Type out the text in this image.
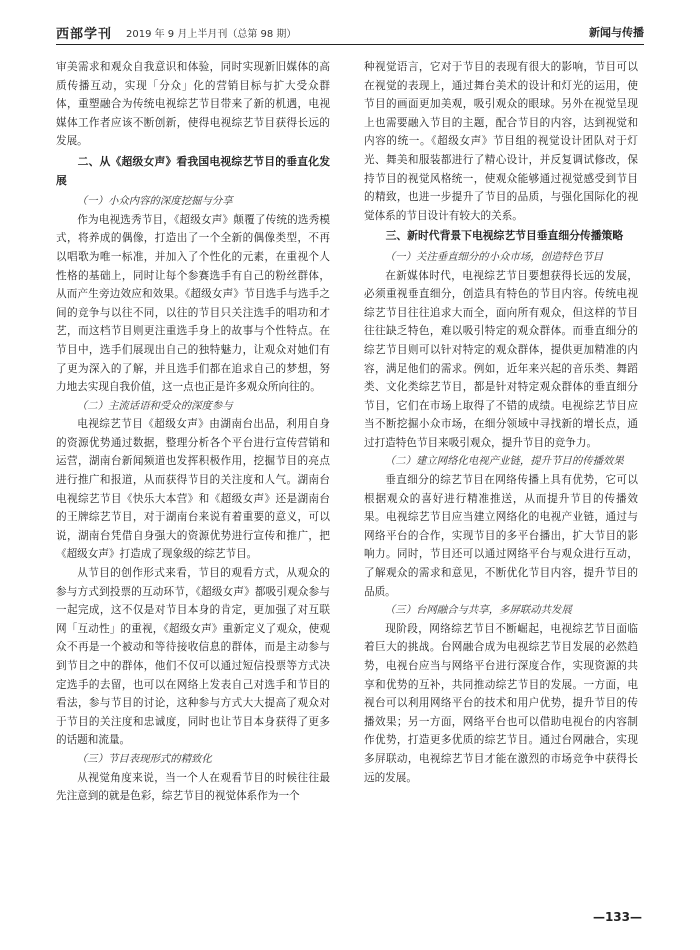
西部学刊 2019 年 9 月上半月刊（总第 98 期）	新闻与传播

审美需求和观众自我意识和体验，同时实现新旧媒体的高质传播互动，实现「分众」化的营销目标与扩大受众群体，重塑融合为传统电视综艺节目带来了新的机遇，电视媒体工作者应该不断创新，使得电视综艺节目获得长远的发展。

二、从《超级女声》看我国电视综艺节目的垂直化发展
（一）小众内容的深度挖掘与分享

作为电视选秀节目，《超级女声》颠覆了传统的选秀模式，将养成的偶像，打造出了一个全新的偶像类型，不再以唱歌为唯一标准，并加入了个性化的元素，在重视个人性格的基础上，同时让每个参赛选手有自己的粉丝群体，从而产生旁边效应和效果。《超级女声》节目选手与选手之间的竞争与以往不同，以往的节目只关注选手的唱功和才艺，而这档节目则更注重选手身上的故事与个性特点。在节目中，选手们展现出自己的独特魅力，让观众对她们有了更为深入的了解，并且选手们都在追求自己的梦想，努力地去实现自我价值，这一点也正是许多观众所向往的。

（二）主流话语和受众的深度参与

电视综艺节目《超级女声》由湖南台出品，利用自身的资源优势通过数据，整理分析各个平台进行宣传营销和运营，湖南台新闻频道也发挥积极作用，挖掘节目的亮点进行推广和报道，从而获得节目的关注度和人气。湖南台电视综艺节目《快乐大本营》和《超级女声》还是湖南台的王牌综艺节目，对于湖南台来说有着重要的意义，可以说，湖南台凭借自身强大的资源优势进行宣传和推广，把《超级女声》打造成了现象级的综艺节目。

从节目的创作形式来看，节目的观看方式，从观众的参与方式到投票的互动环节，《超级女声》都吸引观众参与一起完成，这不仅是对节目本身的肯定，更加强了对互联网「互动性」的重视，《超级女声》重新定义了观众，使观众不再是一个被动和等待接收信息的群体，而是主动参与到节目之中的群体，他们不仅可以通过短信投票等方式决定选手的去留，也可以在网络上发表自己对选手和节目的看法，参与节目的讨论，这种参与方式大大提高了观众对于节目的关注度和忠诚度，同时也让节目本身获得了更多的话题和流量。

（三）节目表现形式的精致化

从视觉角度来说，当一个人在观看节目的时候往往最先注意到的就是色彩，综艺节目的视觉体系作为一个

种视觉语言，它对于节目的表现有很大的影响，节目可以在视觉的表现上，通过舞台美术的设计和灯光的运用，使节目的画面更加美观，吸引观众的眼球。另外在视觉呈现上也需要融入节目的主题，配合节目的内容，达到视觉和内容的统一。《超级女声》节目组的视觉设计团队对于灯光、舞美和服装都进行了精心设计，并反复调试修改，保持节目的视觉风格统一，使观众能够通过视觉感受到节目的精致，也进一步提升了节目的品质，与强化国际化的视觉体系的节目设计有较大的关系。

三、新时代背景下电视综艺节目垂直细分传播策略
（一）关注垂直细分的小众市场，创造特色节目

在新媒体时代，电视综艺节目要想获得长远的发展，必须重视垂直细分，创造具有特色的节目内容。传统电视综艺节目往往追求大而全，面向所有观众，但这样的节目往往缺乏特色，难以吸引特定的观众群体。而垂直细分的综艺节目则可以针对特定的观众群体，提供更加精准的内容，满足他们的需求。例如，近年来兴起的音乐类、舞蹈类、文化类综艺节目，都是针对特定观众群体的垂直细分节目，它们在市场上取得了不错的成绩。电视综艺节目应当不断挖掘小众市场，在细分领域中寻找新的增长点，通过打造特色节目来吸引观众，提升节目的竞争力。

（二）建立网络化电视产业链，提升节目的传播效果

垂直细分的综艺节目在网络传播上具有优势，它可以根据观众的喜好进行精准推送，从而提升节目的传播效果。电视综艺节目应当建立网络化的电视产业链，通过与网络平台的合作，实现节目的多平台播出，扩大节目的影响力。同时，节目还可以通过网络平台与观众进行互动，了解观众的需求和意见，不断优化节目内容，提升节目的品质。

（三）台网融合与共享，多屏联动共发展

现阶段，网络综艺节目不断崛起，电视综艺节目面临着巨大的挑战。台网融合成为电视综艺节目发展的必然趋势，电视台应当与网络平台进行深度合作，实现资源的共享和优势的互补，共同推动综艺节目的发展。一方面，电视台可以利用网络平台的技术和用户优势，提升节目的传播效果；另一方面，网络平台也可以借助电视台的内容制作优势，打造更多优质的综艺节目。通过台网融合，实现多屏联动，电视综艺节目才能在激烈的市场竞争中获得长远的发展。

—133—
